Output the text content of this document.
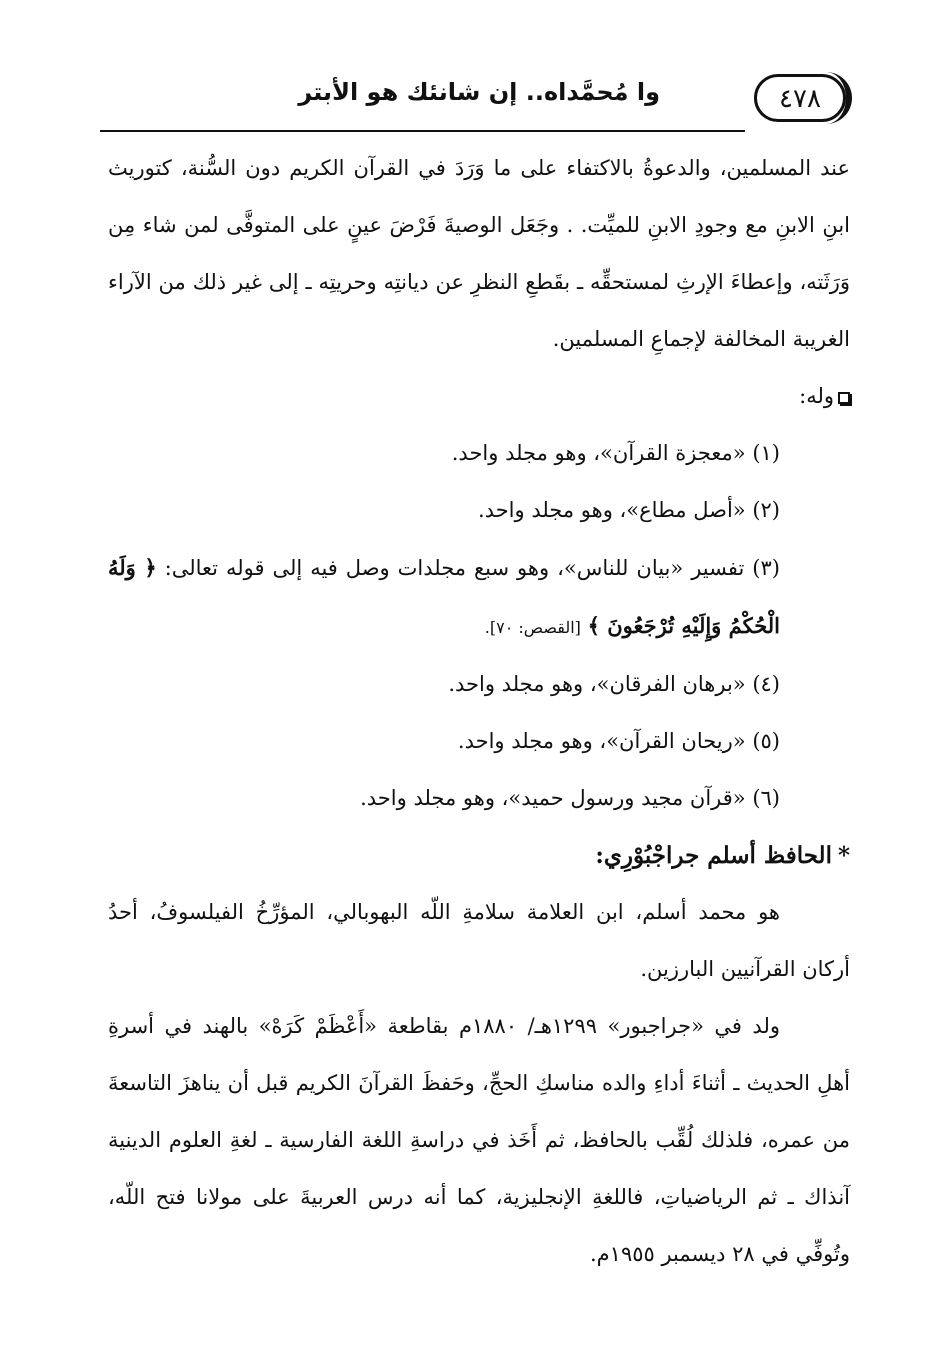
وا مُحمَّداه.. إن شانئك هو الأبتر	٤٧٨

عند المسلمين، والدعوةُ بالاكتفاء على ما وَرَدَ في القرآن الكريم دون السُّنة، كتوريث ابنِ الابنِ مع وجودِ الابنِ للميِّت. . وجَعَل الوصيةَ فَرْضَ عينٍ على المتوفَّى لمن شاء مِن وَرَثَته، وإعطاءَ الإرثِ لمستحقِّه ـ بقَطعِ النظرِ عن ديانتِه وحريتِه ـ إلى غير ذلك من الآراء الغريبة المخالفة لإجماعِ المسلمين.

وله:

(١) «معجزة القرآن»، وهو مجلد واحد.

(٢) «أصل مطاع»، وهو مجلد واحد.

(٣) تفسير «بيان للناس»، وهو سبع مجلدات وصل فيه إلى قوله تعالى: ﴿ وَلَهُ الْحُكْمُ وَإِلَيْهِ تُرْجَعُونَ ﴾ [القصص: ٧٠].

(٤) «برهان الفرقان»، وهو مجلد واحد.

(٥) «ريحان القرآن»، وهو مجلد واحد.

(٦) «قرآن مجيد ورسول حميد»، وهو مجلد واحد.

*الحافظ أسلم جراجْبُوْرِي:

هو محمد أسلم، ابن العلامة سلامةِ اللّه البهوبالي، المؤرِّخُ الفيلسوفُ، أحدُ أركان القرآنيين البارزين.

ولد في «جراجبور» ١٢٩٩هـ/ ١٨٨٠م بقاطعة «أَعْظَمْ كَرَهْ» بالهند في أسرةِ أهلِ الحديث ـ أثناءَ أداءِ والده مناسكِ الحجِّ، وحَفظَ القرآنَ الكريم قبل أن يناهزَ التاسعةَ من عمره، فلذلك لُقِّب بالحافظ، ثم أَخَذ في دراسةِ اللغة الفارسية ـ لغةِ العلوم الدينية آنذاك ـ ثم الرياضياتِ، فاللغةِ الإنجليزية، كما أنه درس العربيةَ على مولانا فتح اللّه، وتُوفِّي في ٢٨ ديسمبر ١٩٥٥م.
